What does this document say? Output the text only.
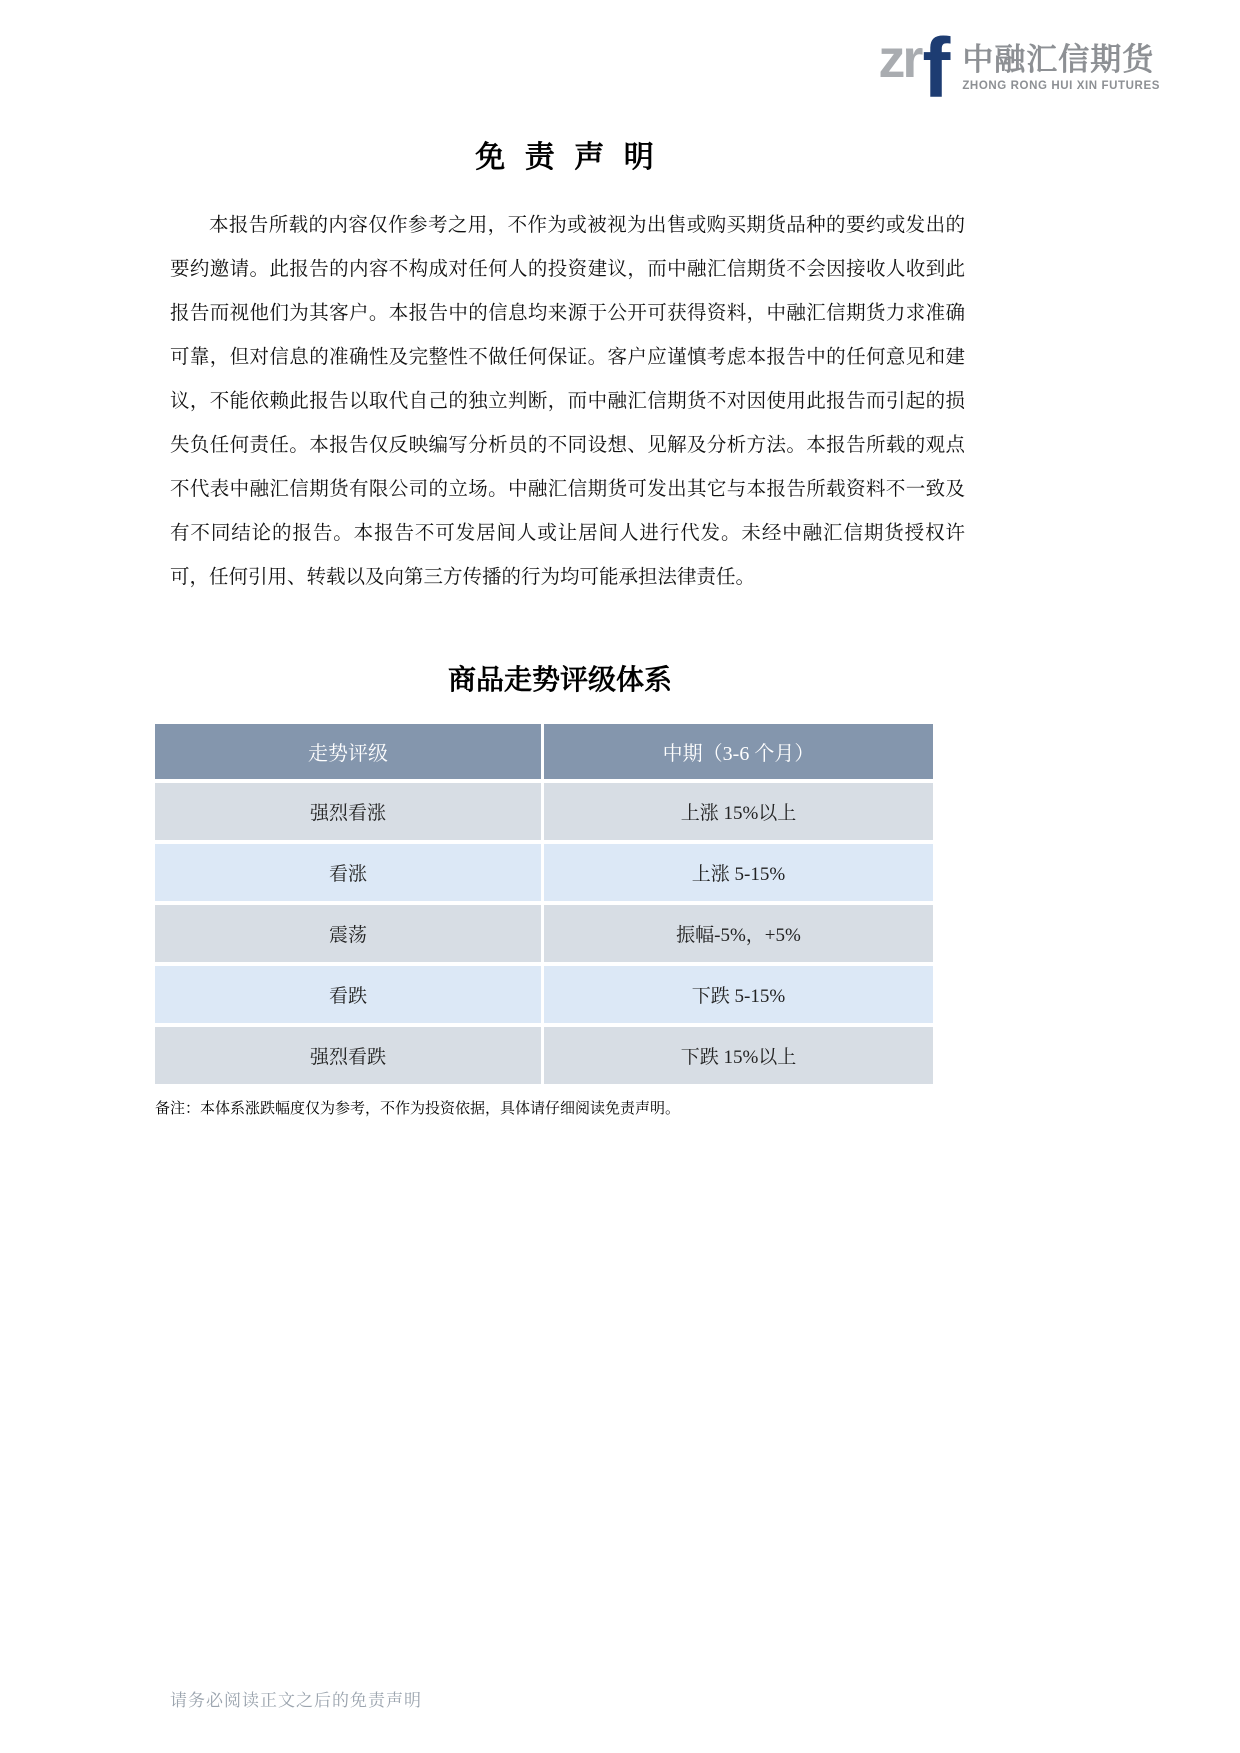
zr f 中融汇信期货
ZHONG RONG HUI XIN FUTURES
免 责 声 明

本报告所载的内容仅作参考之用，不作为或被视为出售或购买期货品种的要约或发出的要约邀请。此报告的内容不构成对任何人的投资建议，而中融汇信期货不会因接收人收到此报告而视他们为其客户。本报告中的信息均来源于公开可获得资料，中融汇信期货力求准确可靠，但对信息的准确性及完整性不做任何保证。客户应谨慎考虑本报告中的任何意见和建议，不能依赖此报告以取代自己的独立判断，而中融汇信期货不对因使用此报告而引起的损失负任何责任。本报告仅反映编写分析员的不同设想、见解及分析方法。本报告所载的观点不代表中融汇信期货有限公司的立场。中融汇信期货可发出其它与本报告所载资料不一致及有不同结论的报告。本报告不可发居间人或让居间人进行代发。未经中融汇信期货授权许可，任何引用、转载以及向第三方传播的行为均可能承担法律责任。

商品走势评级体系
走势评级	中期（3-6 个月）
强烈看涨	上涨 15%以上
看涨	上涨 5-15%
震荡	振幅-5%，+5%
看跌	下跌 5-15%
强烈看跌	下跌 15%以上
备注：本体系涨跌幅度仅为参考，不作为投资依据，具体请仔细阅读免责声明。
请务必阅读正文之后的免责声明
